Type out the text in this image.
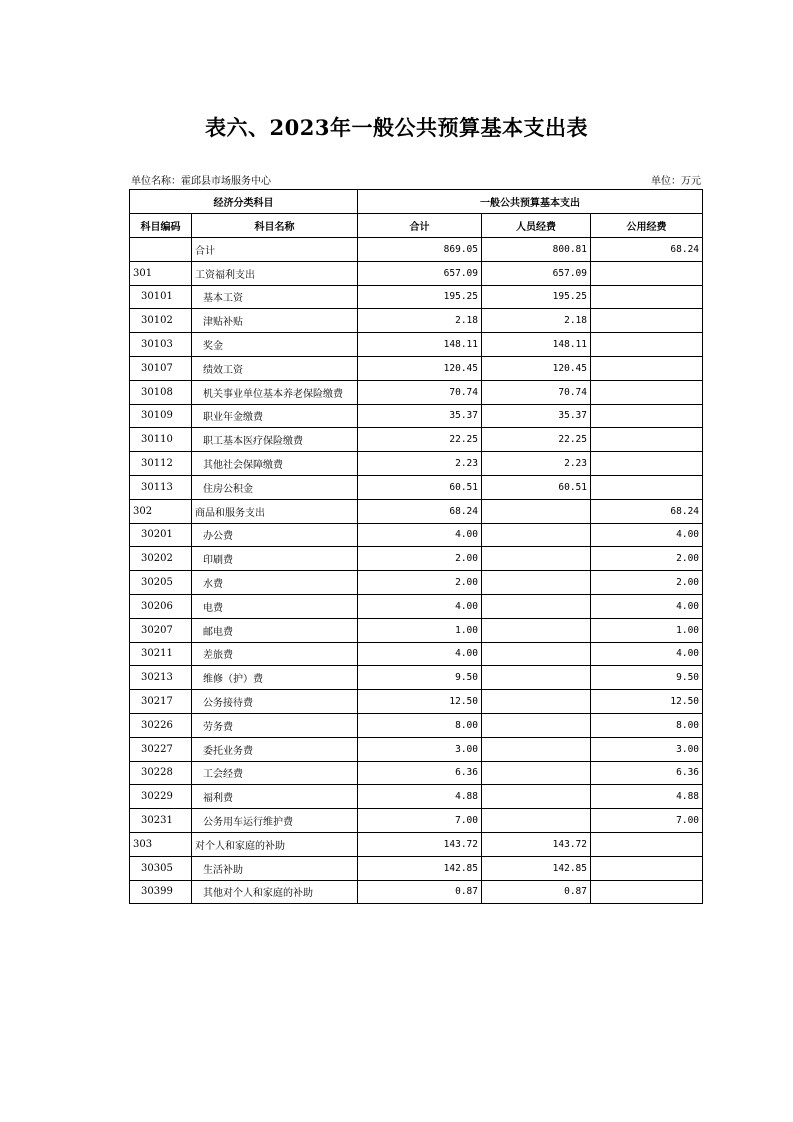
表六、2023年一般公共预算基本支出表
单位名称：霍邱县市场服务中心	单位：万元
经济分类科目		一般公共预算基本支出		
科目编码	科目名称	合计	人员经费	公用经费
	合计	869.05	800.81	68.24
301	工资福利支出	657.09	657.09	
30101	基本工资	195.25	195.25	
30102	津贴补贴	2.18	2.18	
30103	奖金	148.11	148.11	
30107	绩效工资	120.45	120.45	
30108	机关事业单位基本养老保险缴费	70.74	70.74	
30109	职业年金缴费	35.37	35.37	
30110	职工基本医疗保险缴费	22.25	22.25	
30112	其他社会保障缴费	2.23	2.23	
30113	住房公积金	60.51	60.51	
302	商品和服务支出	68.24		68.24
30201	办公费	4.00		4.00
30202	印刷费	2.00		2.00
30205	水费	2.00		2.00
30206	电费	4.00		4.00
30207	邮电费	1.00		1.00
30211	差旅费	4.00		4.00
30213	维修（护）费	9.50		9.50
30217	公务接待费	12.50		12.50
30226	劳务费	8.00		8.00
30227	委托业务费	3.00		3.00
30228	工会经费	6.36		6.36
30229	福利费	4.88		4.88
30231	公务用车运行维护费	7.00		7.00
303	对个人和家庭的补助	143.72	143.72	
30305	生活补助	142.85	142.85	
30399	其他对个人和家庭的补助	0.87	0.87	
